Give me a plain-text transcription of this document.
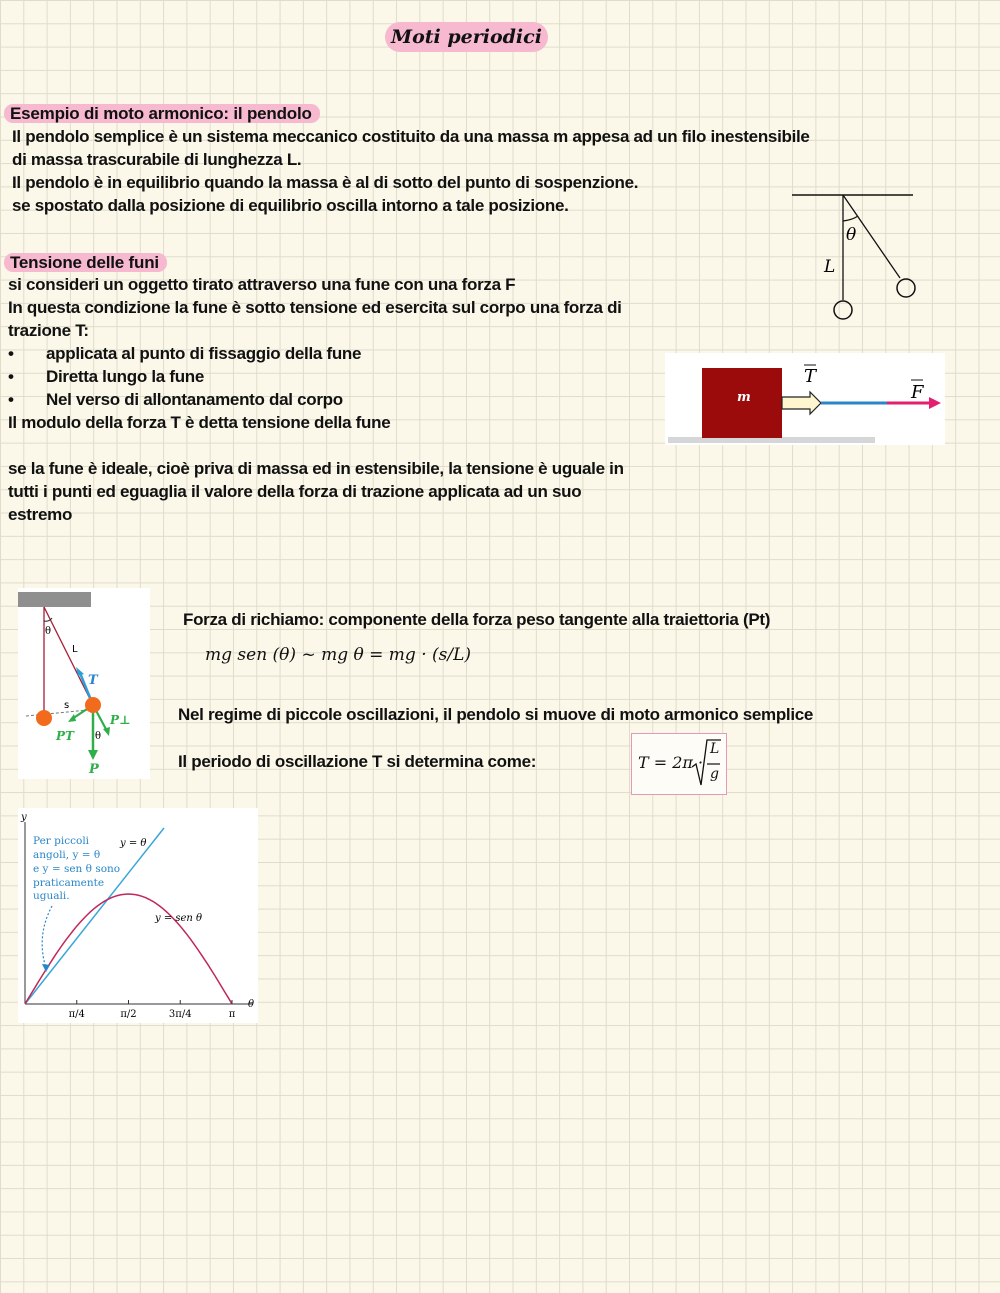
Moti periodici
Esempio di moto armonico: il pendolo
Il pendolo semplice è un sistema meccanico costituito da una massa m appesa ad un filo inestensibile
di massa trascurabile di lunghezza L.
Il pendolo è in equilibrio quando la massa è al di sotto del punto di sospenzione.
se spostato dalla posizione di equilibrio oscilla intorno a tale posizione.
θ
L
Tensione delle funi
si consideri un oggetto tirato attraverso una fune con una forza F
In questa condizione la fune è sotto tensione ed esercita sul corpo una forza di
trazione T:
• applicata al punto di fissaggio della fune
• Diretta lungo la fune
• Nel verso di allontanamento dal corpo
Il modulo della forza T è detta tensione della fune
se la fune è ideale, cioè priva di massa ed in estensibile, la tensione è uguale in
tutti i punti ed eguaglia il valore della forza di trazione applicata ad un suo
estremo
m
T
F
θ
L
s
T
PT
P⊥
θ
P
Forza di richiamo: componente della forza peso tangente alla traiettoria (Pt)
mg sen (θ) ~ mg θ = mg · (s/L)
Nel regime di piccole oscillazioni, il pendolo si muove di moto armonico semplice
Il periodo di oscillazione T si determina come:	T = 2π ·
L
g
y
θ
π/4	π/2	3π/4	π
y = θ
y = sen θ
Per piccoli
angoli, y = θ
e y = sen θ sono
praticamente
uguali.
